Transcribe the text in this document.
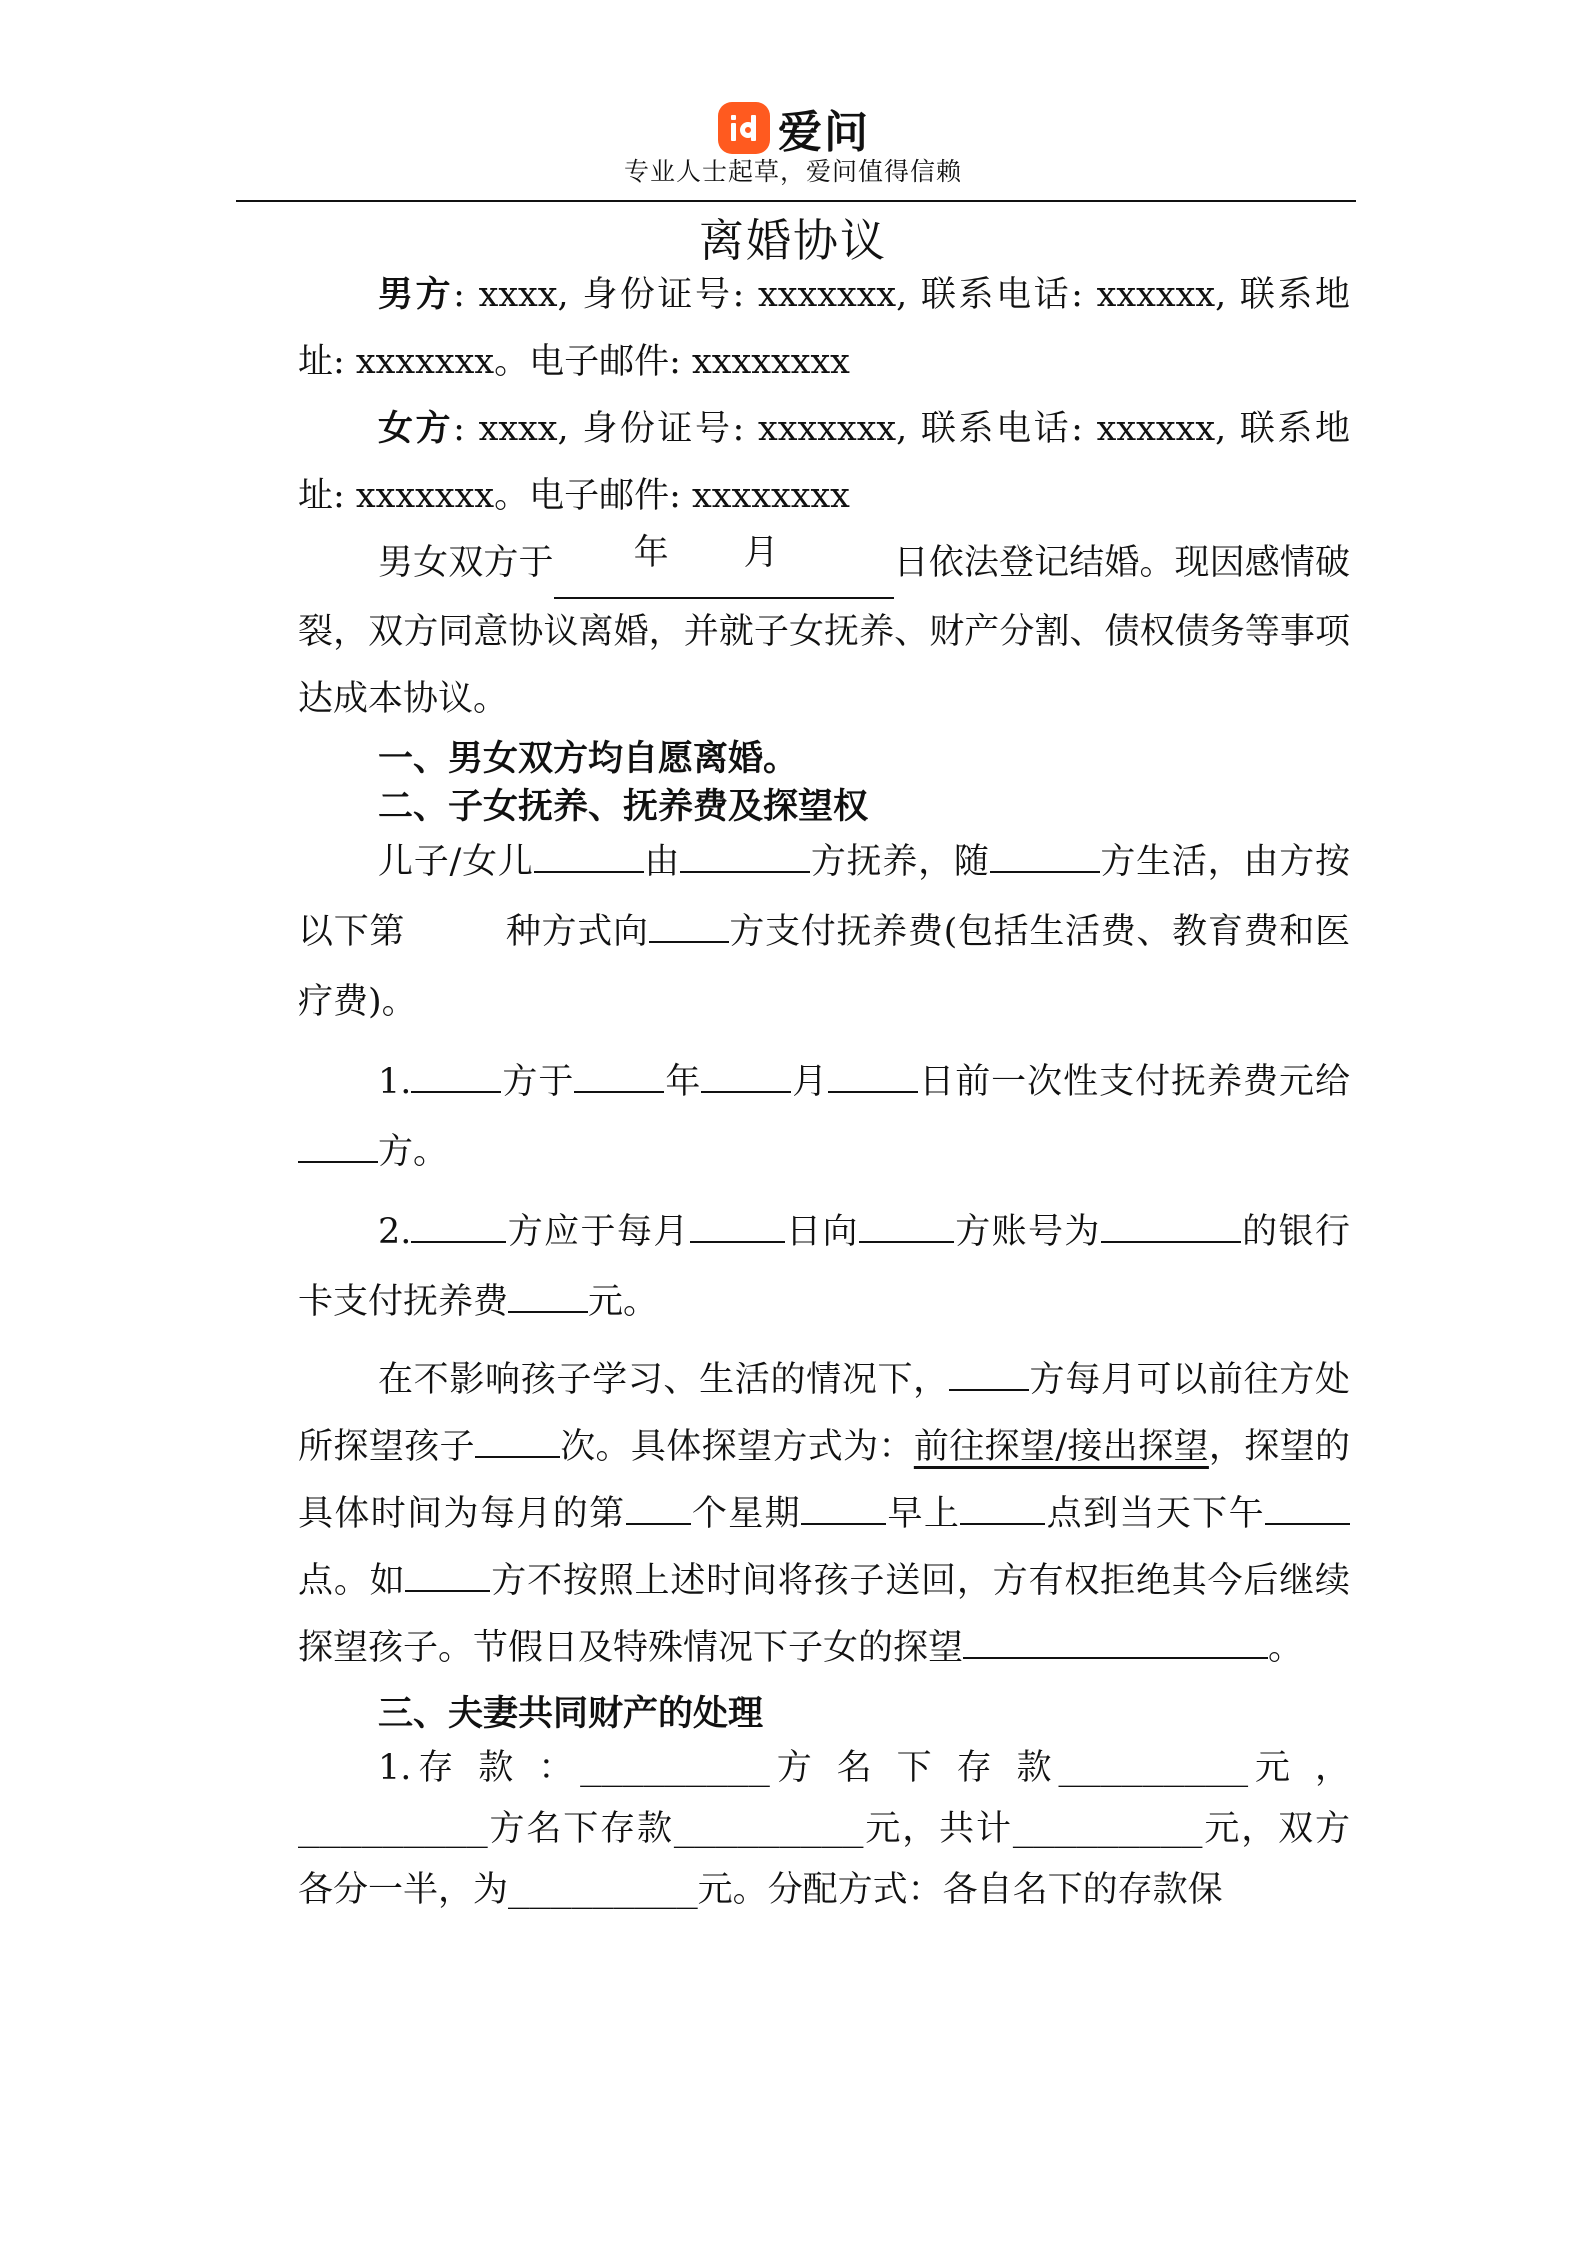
爱问
专业人士起草，爱问值得信赖
离婚协议

男方: xxxx, 身份证号: xxxxxxx, 联系电话: xxxxxx, 联系地址: xxxxxxx。电子邮件: xxxxxxxx

女方: xxxx, 身份证号: xxxxxxx, 联系电话: xxxxxx, 联系地址: xxxxxxx。电子邮件: xxxxxxxx

男女双方于 年 月	日依法登记结婚。现因感情破裂，双方同意协议离婚，并就子女抚养、财产分割、债权债务等事项达成本协议。

一、男女双方均自愿离婚。

二、子女抚养、抚养费及探望权

儿子/女儿	由	方抚养，随	方生活，由方按以下第	种方式向 方支付抚养费(包括生活费、教育费和医疗费)。

1.	方于	年	月	日前一次性支付抚养费元给方。

2.	方应于每月	日向	方账号为	的银行卡支付抚养费 元。

在不影响孩子学习、生活的情况下， 方每月可以前往方处所探望孩子 次。具体探望方式为：前往探望/接出探望，探望的具体时间为每月的第 个星期 早上 点到当天下午点。如 方不按照上述时间将孩子送回，方有权拒绝其今后继续探望孩子。节假日及特殊情况下子女的探望	。

三、夫妻共同财产的处理

1.存 款 ：_________方 名 下 存 款_________元 ，_________方名下存款_________元，共计_________元，双方各分一半，为_________元。分配方式：各自名下的存款保
